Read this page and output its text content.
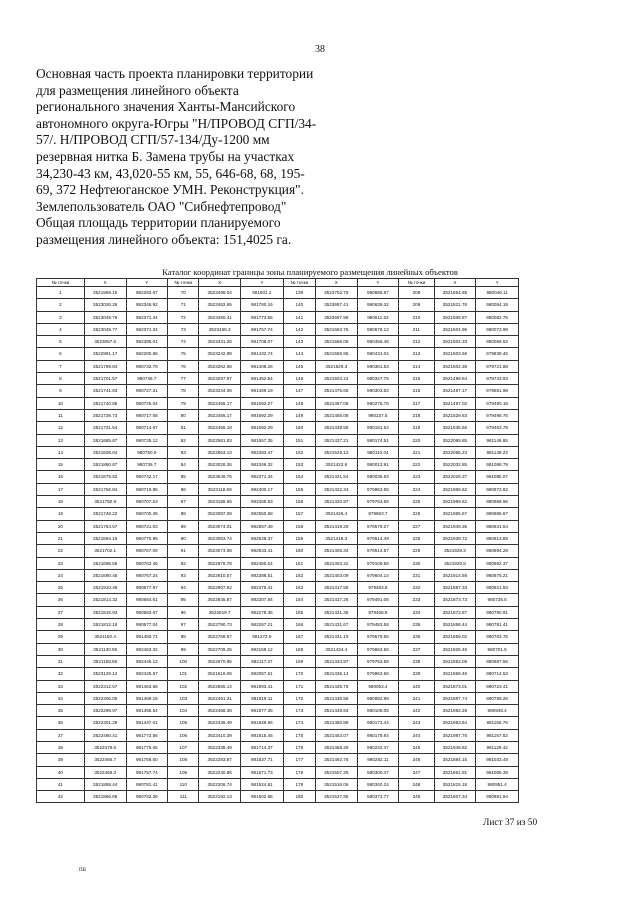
38
Основная часть проекта планировки территории
для размещения линейного объекта
регионального значения Ханты-Мансийского
автономного округа-Югры "Н/ПРОВОД СГП/34-
57/. Н/ПРОВОД СГП/57-134/Ду-1200 мм
резервная нитка Б. Замена трубы на участках
34,230-43 км, 43,020-55 км, 55, 646-68, 68, 195-
69, 372 Нефтеюганское УМН. Реконструкция".
Землепользователь ОАО "Сибнефтепровод"
Общая площадь территории планируемого
размещения линейного объекта: 151,4025 га.
Каталог координат границы зоны планируемого размещения линейных объектов
№ точки	X	Y	№ точки	X	Y	№ точки	X	Y	№ точки	X	Y
1	3521969.15	982283.67	70	3523498.04	981801.2	139	3523702.76	980686.87	208	3521554.65	980046.11
2	3523026.26	982346.92	71	3523482.65	981780.16	140	3523697.41	980639.32	209	3521521.76	980054.18
3	3523049.76	982371.34	72	3523480.41	981773.56	141	3523697.96	980611.53	210	3521506.87	980082.76
4	3523049.77	982371.34	73	3523468.3	981757.74	142	3521663.76	980678.12	211	3521504.96	980073.98
5	3523067.6	982395.01	74	3523431.26	981708.07	143	3521556.09	980456.48	212	3521504.33	980058.52
6	3522991.17	982280.68	75	3523242.98	981432.74	144	3521556.95	980431.04	213	3521503.66	979838.46
7	3521799.84	980732.79	76	3523262.58	981408.26	145	3521529.3	980381.53	214	3521502.38	979721.88
8	3521701.57	980746.7	77	3523297.97	981452.54	146	3521504.24	980347.75	215	3521499.84	979733.93
9	3521741.83	980727.31	78	3523234.06	981469.19	147	3521475.65	980303.63	216	3521497.17	979551.98
10	3521740.85	980725.04	79	3522456.17	981692.27	148	3521467.08	980275.76	217	3521497.02	979490.18
11	3521739.73	980717.08	80	3522456.17	981692.29	149	3521455.08	980237.5	218	3521529.63	979495.76
12	3521731.54	980714.67	81	3522456.18	981692.29	150	3521439.58	980181.54	219	3521535.66	979463.79
13	3521685.67	980725.12	82	3522581.83	981657.35	151	3521437.21	980174.51	220	3522069.85	981146.65
14	3521608.04	980750.9	83	3522863.13	982283.47	152	3521529.13	980110.04	221	3522065.24	981149.23
15	3521890.67	980736.7	84	3523026.26	982346.32	153	3521422.6	980013.91	222	3522032.85	981088.78
16	3521679.52	980742.17	85	3523546.76	982371.34	154	3521421.54	980035.63	223	3522028.37	981085.07
17	3521756.84	980719.95	86	3523118.59	982400.17	155	3521422.34	979963.55	224	3521969.62	980973.82
18	3521750.9	980707.23	87	3523186.65	982465.93	156	3521420.97	979763.66	225	3521969.62	980968.96
19	3521748.22	980700.45	88	3523087.08	982550.58	157	3521426.4	979663.7	226	3521965.67	980965.67
20	3521754.57	980721.03	89	3523074.01	982557.49	158	3521419.29	979579.27	227	3521949.35	980931.54
21	3521694.16	980770.95	90	3523063.74	982546.37	159	3521418.3	979514.49	228	3521939.72	980913.89
22	3521702.1	980767.09	91	3523073.08	982533.41	160	3521405.34	979514.57	229	3521929.3	980894.28
23	3521696.58	980763.46	92	3522976.78	982450.04	161	3521403.22	979108.58	230	3521929.8	980892.37
24	3521690.45	980767.24	93	3522910.57	982388.51	162	3521403.09	979604.14	231	3521914.58	980875.21
25	3521910.49	980677.87	94	3522907.62	982376.41	163	3521417.58	979483.8	232	3521887.33	980821.93
26	3521814.32	980684.61	95	3522845.87	982307.84	164	3521437.26	979491.08	233	3521873.73	980735.5
27	3521815.93	980683.67	96	3522819.7	982278.35	165	3521431.36	979468.8	234	3521873.67	980790.91
28	3521812.16	980677.04	97	3522790.73	982267.21	166	3521431.67	979483.58	235	3521868.44	980781.41
29	3521150.4	981450.71	98	3522768.57	981272.9	167	3521431.19	979579.55	236	3521859.02	980763.76
30	3521130.95	982463.32	99	3522709.25	982158.12	168	3521434.4	979663.56	237	3521825.45	980701.5
31	3521158.95	982446.12	100	3522670.85	982117.37	169	3521434.97	979763.58	238	3521852.09	980687.56
32	3523129.12	982425.57	101	3521616.06	982067.61	170	3521436.14	979963.56	239	3521866.46	980714.53
33	3522312.57	981463.66	102	3522555.14	981993.41	171	3521435.76	980053.4	240	3521873.01	980723.41
34	3522306.05	981469.15	103	3522491.31	981919.11	172	3521436.56	980082.98	241	3521887.74	980758.26
35	3522299.97	981455.54	104	3522458.38	981877.35	173	3521448.93	980108.08	242	3521992.28	980948.4
36	3522301.29	981447.01	105	3522436.49	981848.66	174	3521450.89	980173.44	243	3521983.64	981155.76
37	3522480.41	981773.56	106	3522410.39	981815.45	175	3521453.07	980179.84	244	3521987.76	981157.52
38	3522478.6	981775.05	107	3522338.49	981714.37	176	3521468.49	980233.47	245	3521949.82	981129.42
39	3522466.7	981759.00	108	3522283.87	981637.71	177	3521492.76	980282.11	246	3521884.15	981033.49
40	3522468.3	981757.74	109	3522240.86	981571.73	178	3521507.25	980300.47	247	3521861.91	981006.38
41	3521868.44	980781.41	110	3522206.74	981524.81	179	3521516.06	980340.24	248	3521815.18	980951.4
42	3521866.66	980782.36	111	3522192.13	981502.66	180	3521537.95	980373.77	249	3521807.34	980881.94
Лист 37 из 50
ПВ
